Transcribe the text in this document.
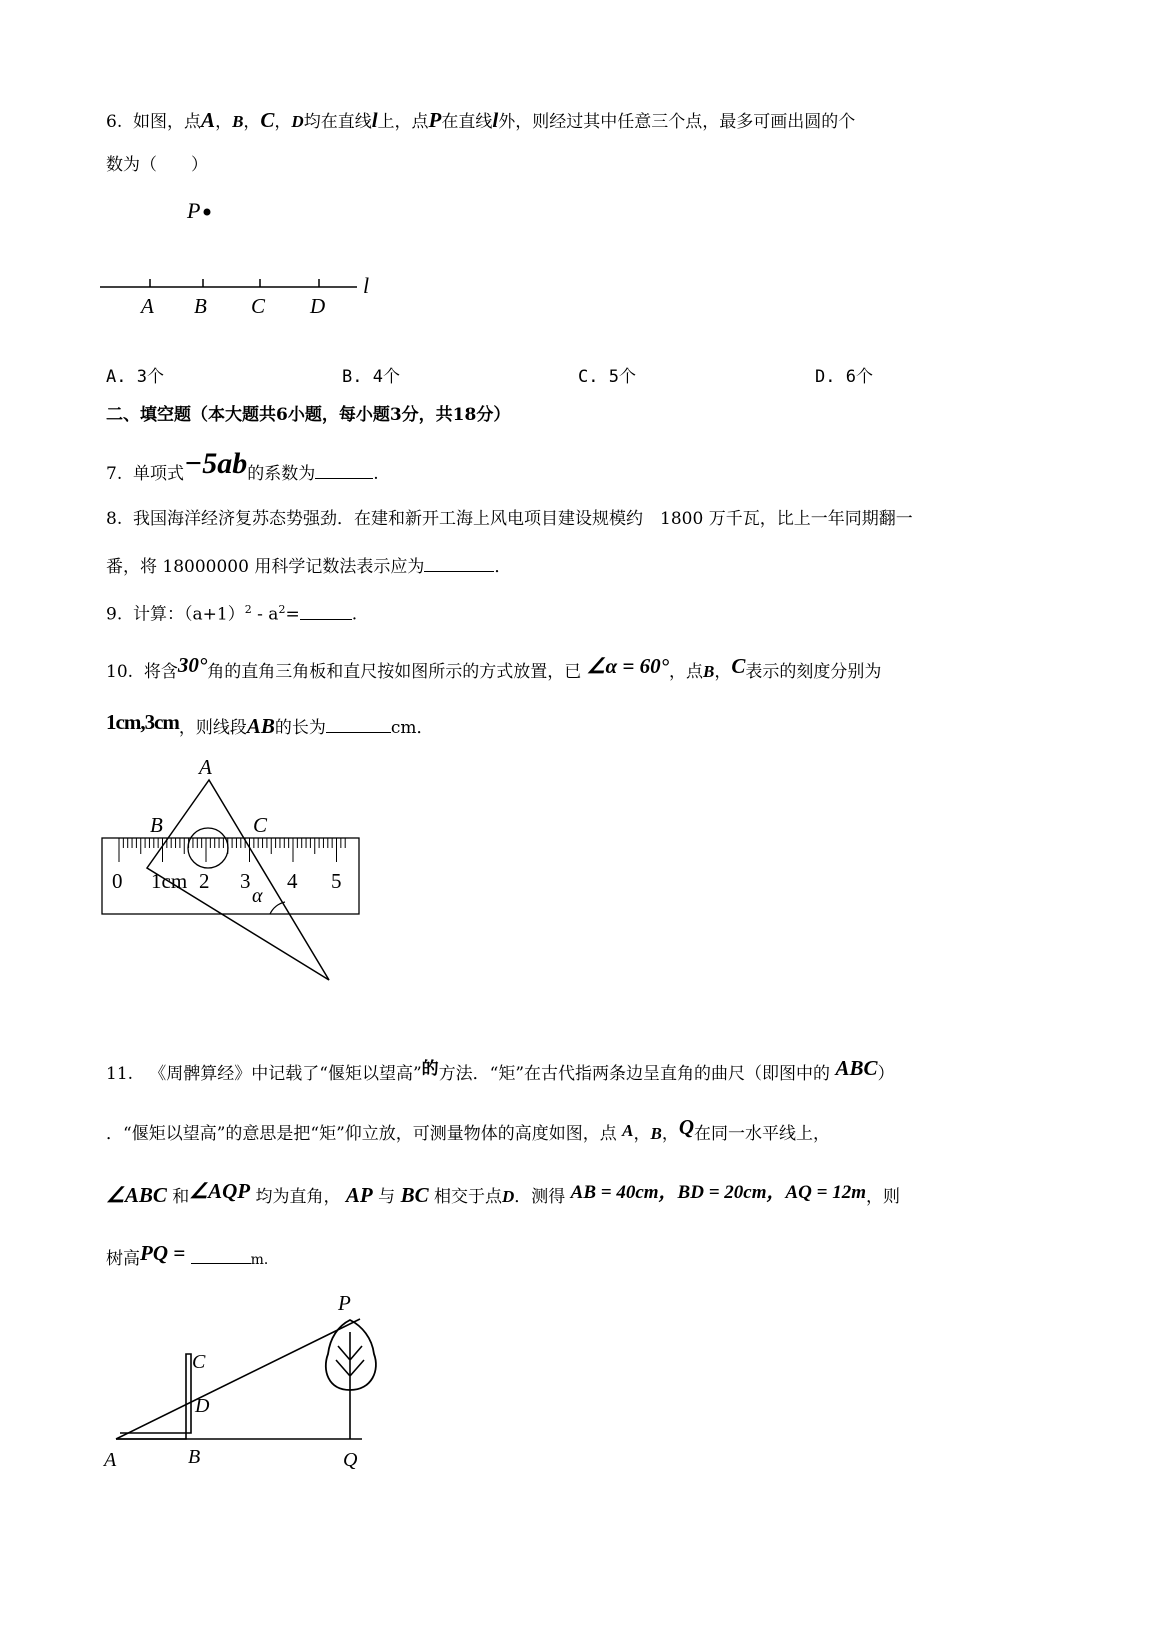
6. 如图，点A，B，C，D均在直线l上，点P在直线l外，则经过其中任意三个点，最多可画出圆的个
数为（　　）
P
A B C D
l
A. 3个	B. 4个	C. 5个	D. 6个
二、填空题（本大题共6小题，每小题3分，共18分）
7. 单项式−5ab的系数为	.
8. 我国海洋经济复苏态势强劲．在建和新开工海上风电项目建设规模约　1800 万千瓦，比上一年同期翻一
番，将 18000000 用科学记数法表示应为	．
9. 计算：$(a+1)^2 - a^2=$	.
10. 将含30°角的直角三角板和直尺按如图所示的方式放置，已 ∠α = 60°，点B，C表示的刻度分别为
1cm,3cm，则线段AB的长为	cm．
A
B	C
α
0 1cm 2 3 4 5
11. 《周髀算经》中记载了“偃矩以望高”的方法．“矩”在古代指两条边呈直角的曲尺（即图中的 ABC）
．“偃矩以望高”的意思是把“矩”仰立放，可测量物体的高度如图，点 A，B，Q在同一水平线上，
∠ABC 和∠AQP 均为直角， AP 与 BC 相交于点D．测得 AB = 40cm，BD = 20cm，AQ = 12m，则
树高PQ =	m．
P
C
D
A	B	Q
